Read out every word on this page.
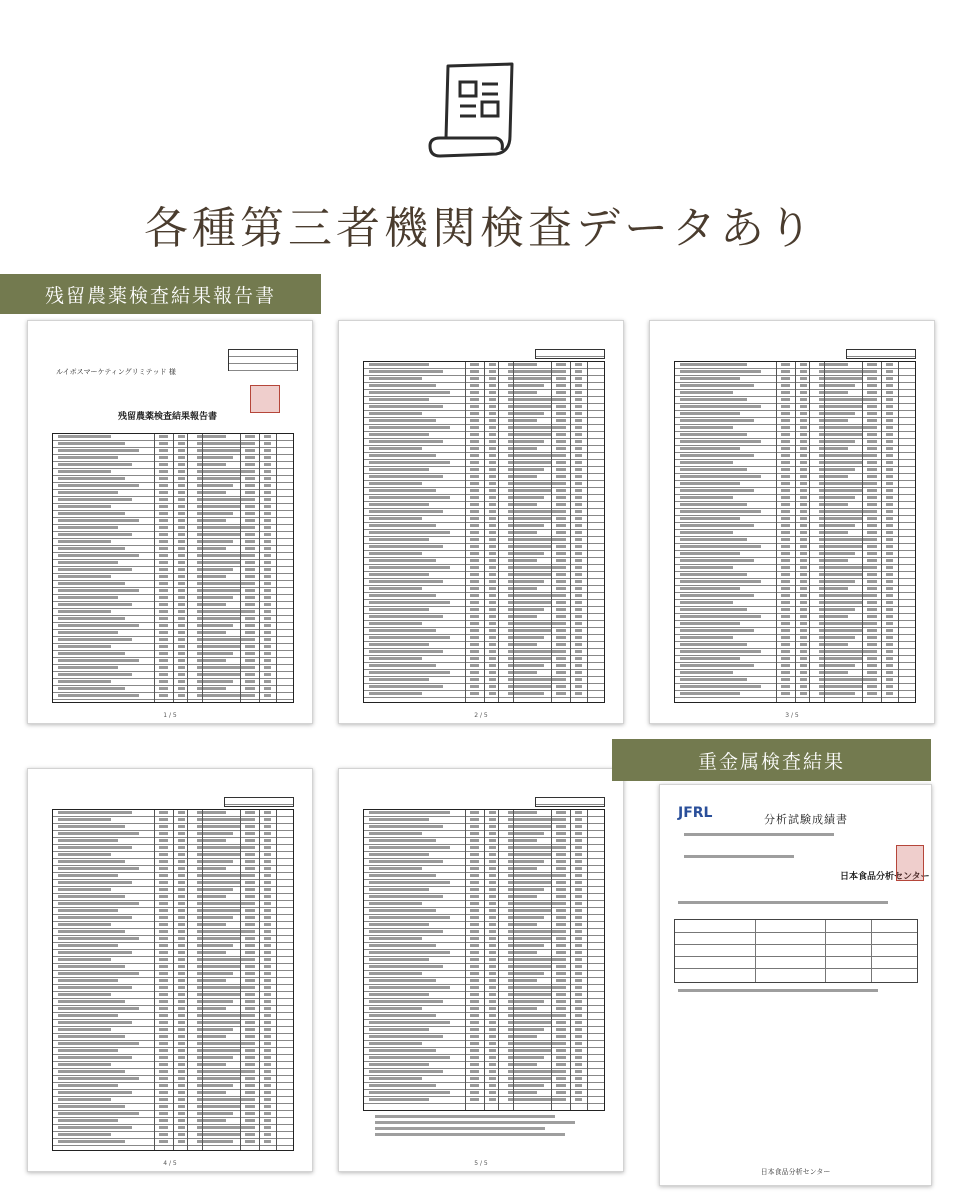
各種第三者機関検査データあり
残留農薬検査結果報告書
ルイボスマーケティングリミテッド 様
残留農薬検査結果報告書
1 / 5	2 / 5	3 / 5
4 / 5	5 / 5
重金属検査結果
JFRL	分析試験成績書
日本食品分析センター
日本食品分析センター
